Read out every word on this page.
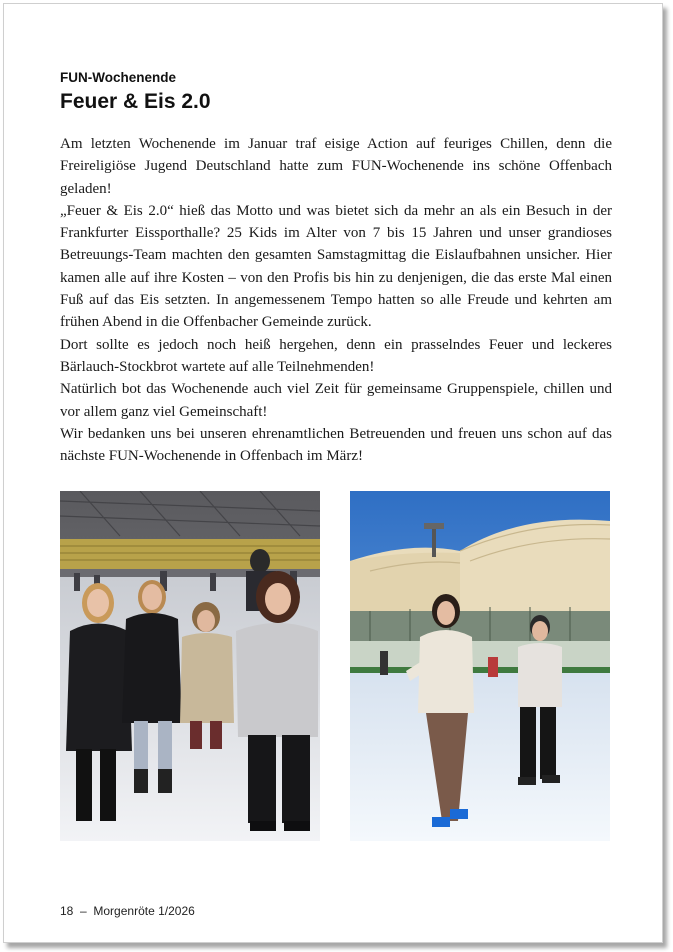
FUN-Wochenende
Feuer & Eis 2.0

Am letzten Wochenende im Januar traf eisige Action auf feuriges Chillen, denn die Freireligiöse Jugend Deutschland hatte zum FUN-Wochenende ins schöne Offenbach geladen!

„Feuer & Eis 2.0“ hieß das Motto und was bietet sich da mehr an als ein Besuch in der Frankfurter Eissporthalle? 25 Kids im Alter von 7 bis 15 Jahren und unser grandioses Betreuungs-Team machten den gesamten Samstagmittag die Eislaufbahnen unsicher. Hier kamen alle auf ihre Kosten – von den Profis bis hin zu denjenigen, die das erste Mal einen Fuß auf das Eis setzten. In angemessenem Tempo hatten so alle Freude und kehrten am frühen Abend in die Offenbacher Gemeinde zurück.

Dort sollte es jedoch noch heiß hergehen, denn ein prasselndes Feuer und leckeres Bärlauch-Stockbrot wartete auf alle Teilnehmenden!

Natürlich bot das Wochenende auch viel Zeit für gemeinsame Gruppenspiele, chillen und vor allem ganz viel Gemeinschaft!

Wir bedanken uns bei unseren ehrenamtlichen Betreuenden und freuen uns schon auf das nächste FUN-Wochenende in Offenbach im März!

18 – Morgenröte 1/2026
